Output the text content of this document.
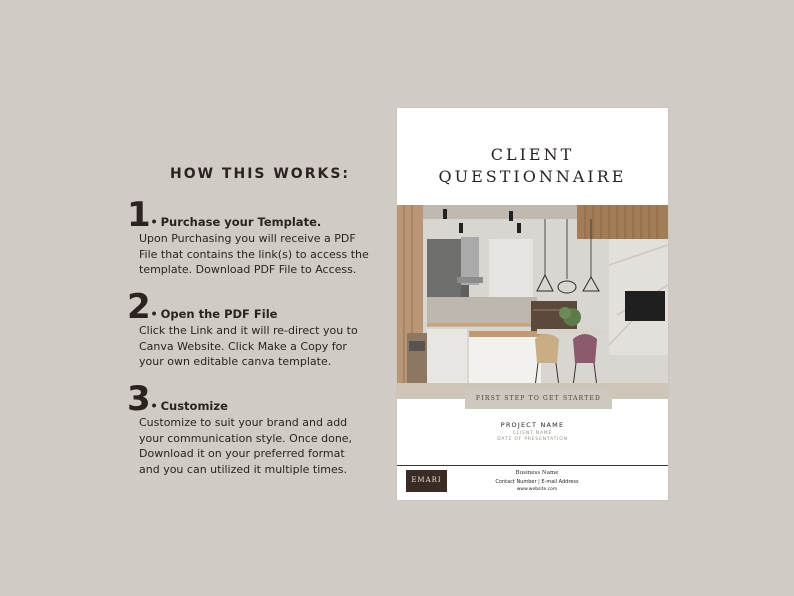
HOW THIS WORKS:
1 • Purchase your Template.
Upon Purchasing you will receive a PDF
File that contains the link(s) to access the
template. Download PDF File to Access.
2 • Open the PDF File
Click the Link and it will re-direct you to
Canva Website. Click Make a Copy for
your own editable canva template.
3 • Customize
Customize to suit your brand and add
your communication style. Once done,
Download it on your preferred format
and you can utilized it multiple times.
CLIENT
QUESTIONNAIRE
FIRST STEP TO GET STARTED
PROJECT NAME
CLIENT NAME
DATE OF PRESENTATION

EMARI

Business Name
Contact Number | E-mail Address
www.website.com
